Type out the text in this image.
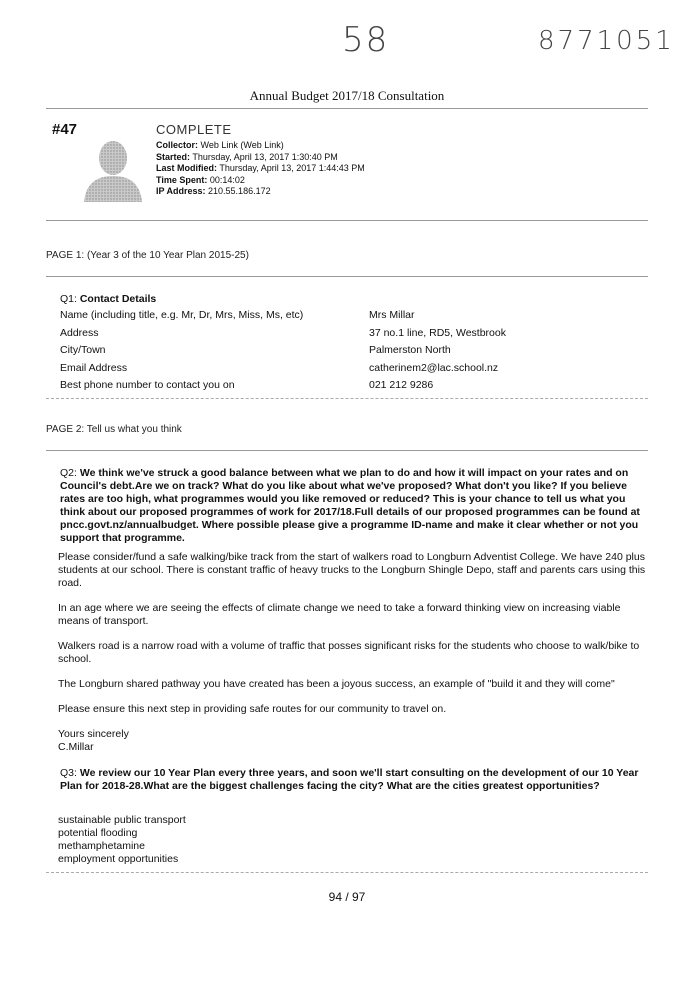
58	8771051
Annual Budget 2017/18 Consultation
#47	COMPLETE
Collector: Web Link (Web Link)
Started: Thursday, April 13, 2017 1:30:40 PM
Last Modified: Thursday, April 13, 2017 1:44:43 PM
Time Spent: 00:14:02
IP Address: 210.55.186.172
PAGE 1: (Year 3 of the 10 Year Plan 2015-25)
Q1: Contact Details
Name (including title, e.g. Mr, Dr, Mrs, Miss, Ms, etc)	Mrs Millar
Address	37 no.1 line, RD5, Westbrook
City/Town	Palmerston North
Email Address	catherinem2@lac.school.nz
Best phone number to contact you on	021 212 9286
PAGE 2: Tell us what you think
Q2: We think we've struck a good balance between what we plan to do and how it will impact on your rates and on Council's debt.Are we on track? What do you like about what we've proposed? What don't you like? If you believe rates are too high, what programmes would you like removed or reduced? This is your chance to tell us what you think about our proposed programmes of work for 2017/18.Full details of our proposed programmes can be found at pncc.govt.nz/annualbudget. Where possible please give a programme ID-name and make it clear whether or not you support that programme.
Please consider/fund a safe walking/bike track from the start of walkers road to Longburn Adventist College. We have 240 plus students at our school. There is constant traffic of heavy trucks to the Longburn Shingle Depo, staff and parents cars using this road.
In an age where we are seeing the effects of climate change we need to take a forward thinking view on increasing viable means of transport.
Walkers road is a narrow road with a volume of traffic that posses significant risks for the students who choose to walk/bike to school.
The Longburn shared pathway you have created has been a joyous success, an example of "build it and they will come"
Please ensure this next step in providing safe routes for our community to travel on.
Yours sincerely
C.Millar
Q3: We review our 10 Year Plan every three years, and soon we'll start consulting on the development of our 10 Year Plan for 2018-28.What are the biggest challenges facing the city? What are the cities greatest opportunities?
sustainable public transport
potential flooding
methamphetamine
employment opportunities
94 / 97
